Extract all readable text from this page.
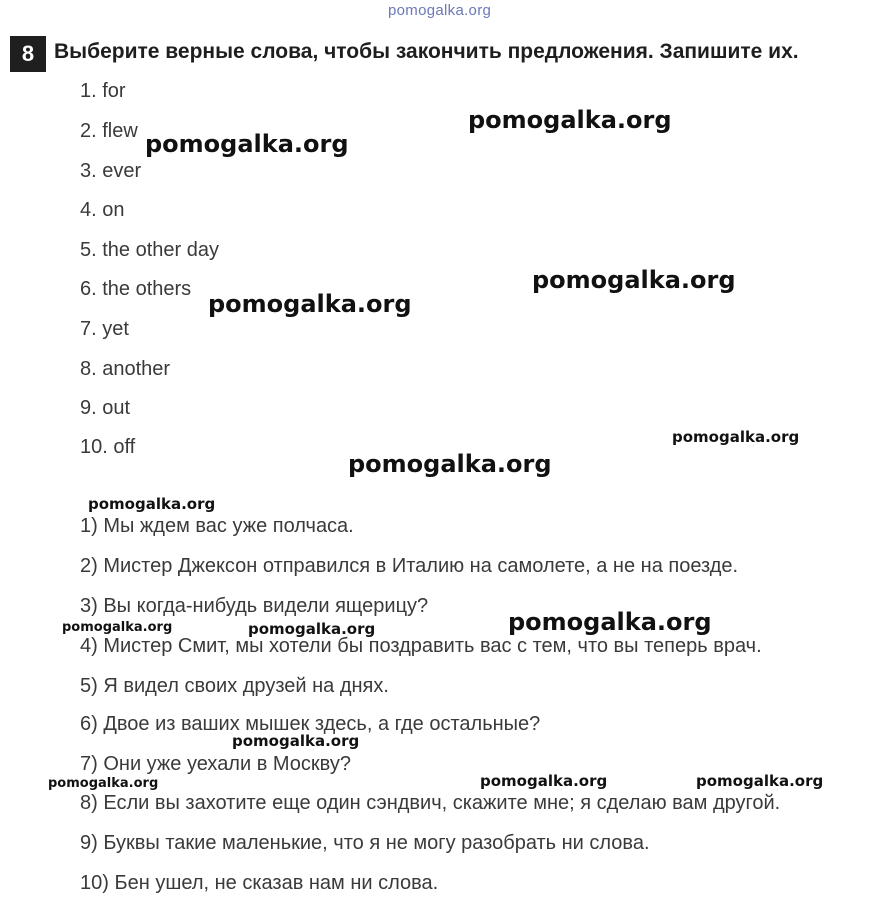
pomogalka.org
8 Выберите верные слова, чтобы закончить предложения. Запишите их.
1. for
2. flew
3. ever
4. on
5. the other day
6. the others
7. yet
8. another
9. out
10. off
1) Мы ждем вас уже полчаса.
2) Мистер Джексон отправился в Италию на самолете, а не на поезде.
3) Вы когда-нибудь видели ящерицу?
4) Мистер Смит, мы хотели бы поздравить вас с тем, что вы теперь врач.
5) Я видел своих друзей на днях.
6) Двое из ваших мышек здесь, а где остальные?
7) Они уже уехали в Москву?
8) Если вы захотите еще один сэндвич, скажите мне; я сделаю вам другой.
9) Буквы такие маленькие, что я не могу разобрать ни слова.
10) Бен ушел, не сказав нам ни слова.
pomogalka.org
pomogalka.org
pomogalka.org
pomogalka.org
pomogalka.org
pomogalka.org
pomogalka.org
pomogalka.org	pomogalka.org	pomogalka.org
pomogalka.org
pomogalka.org	pomogalka.org	pomogalka.org
